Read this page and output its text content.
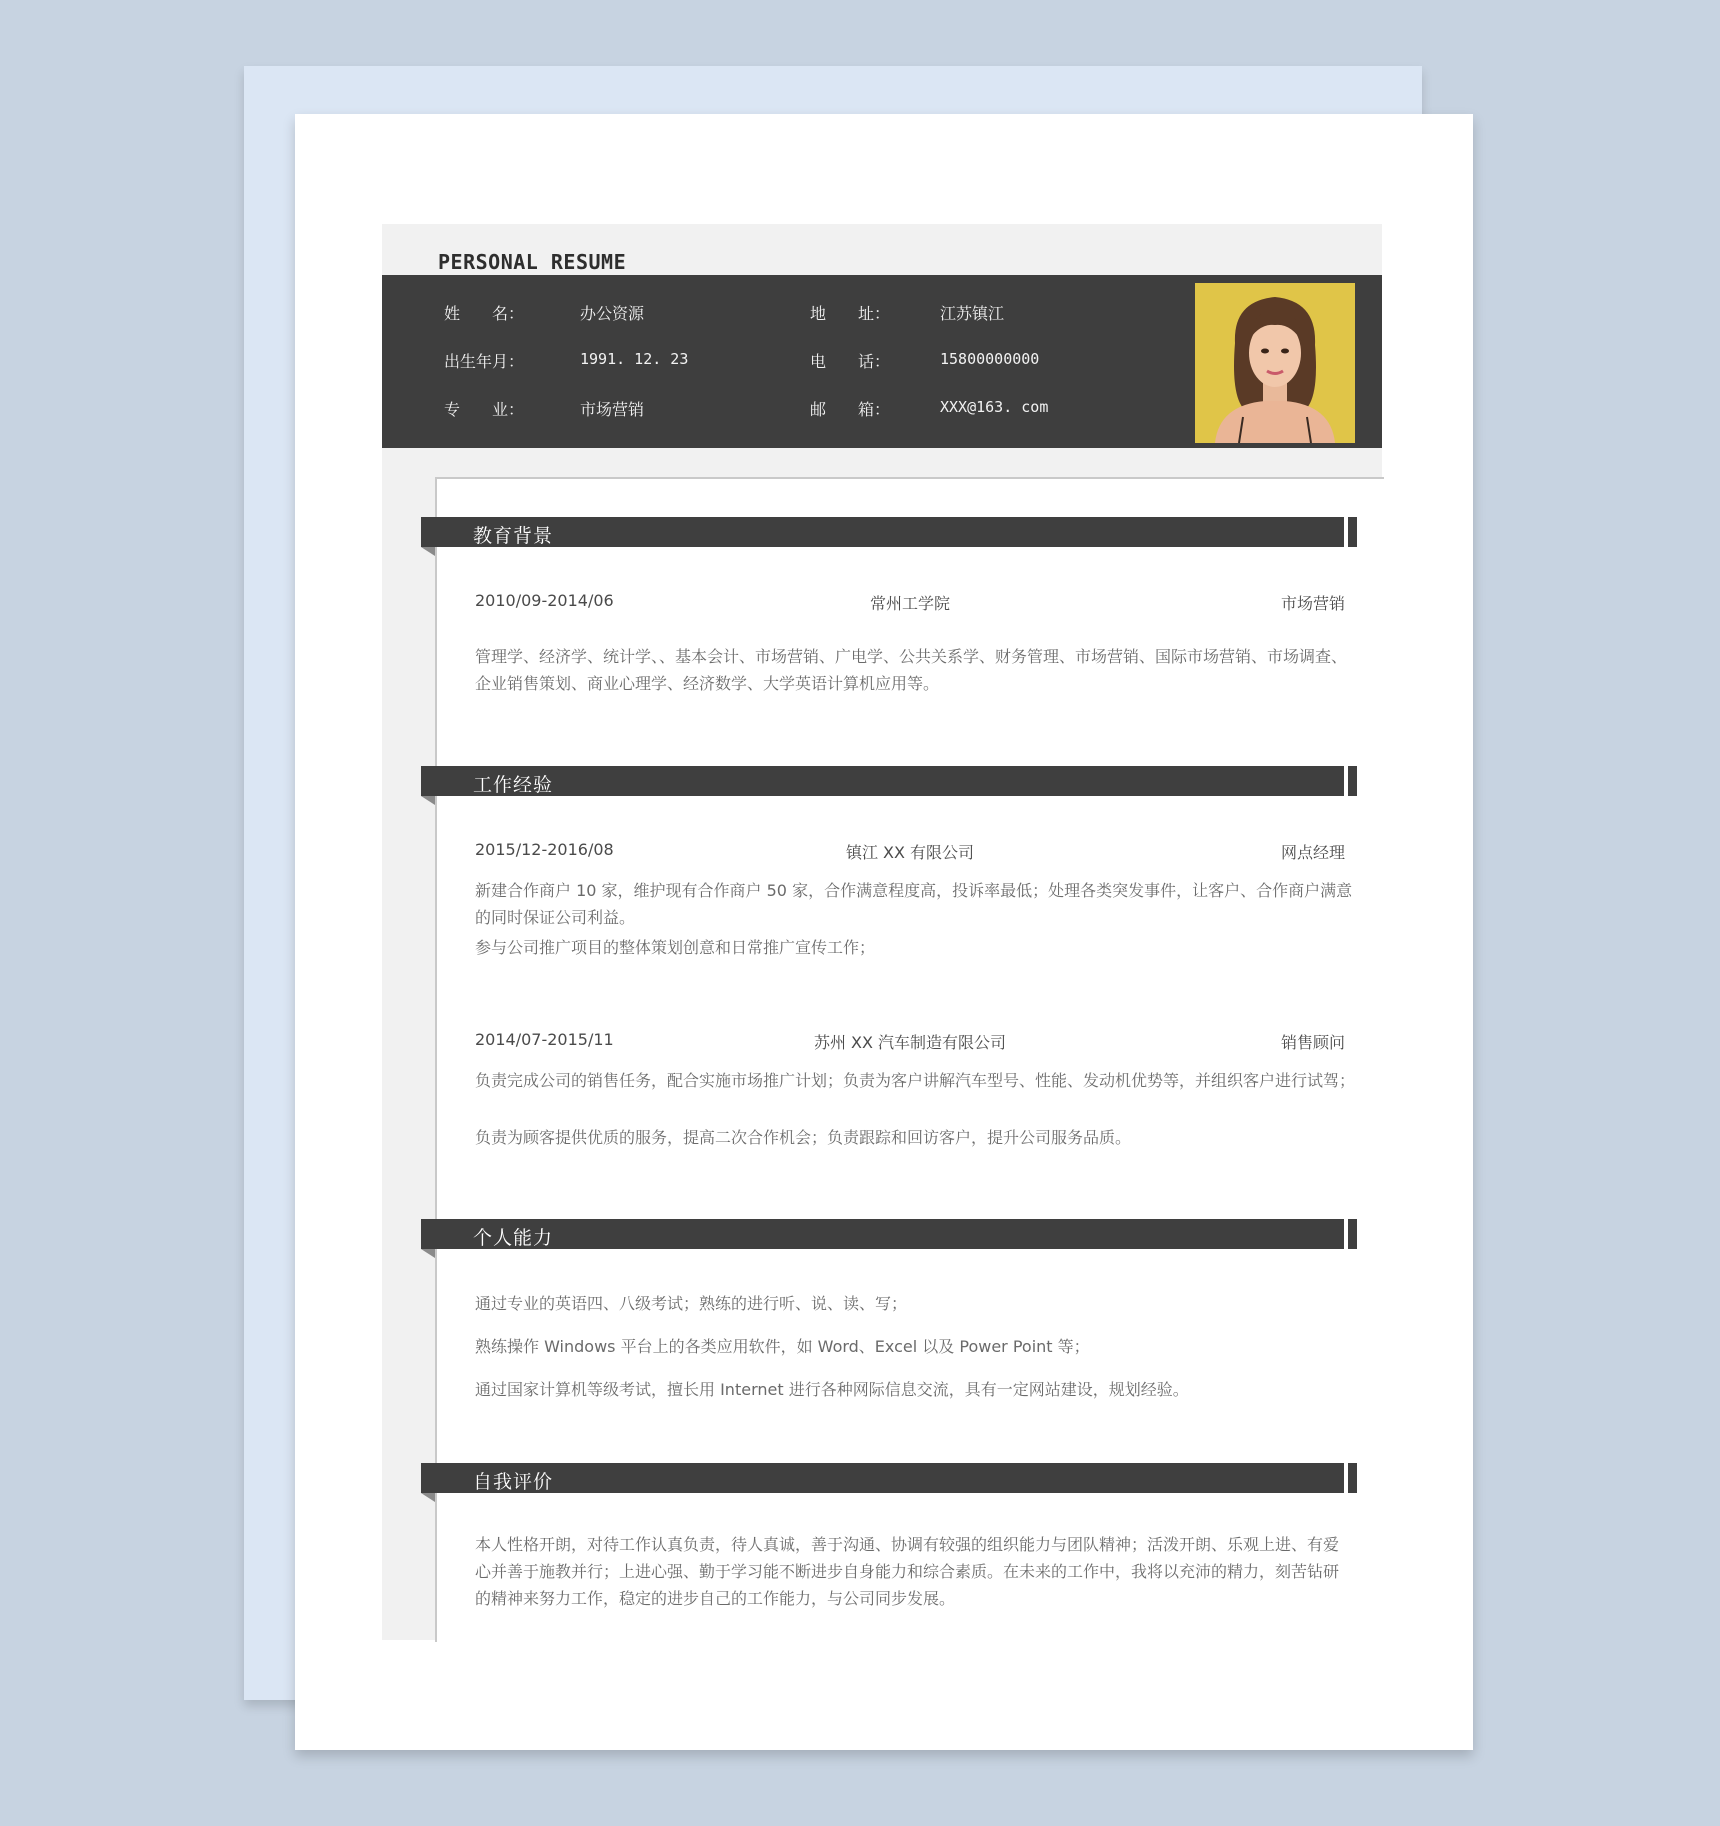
PERSONAL RESUME
姓　　名：	办公资源
出生年月：	1991. 12. 23
专　　业：	市场营销
地　　址：	江苏镇江
电　　话：	15800000000
邮　　箱：	XXX@163. com
教育背景
2010/09-2014/06	常州工学院	市场营销
管理学、经济学、统计学、、基本会计、市场营销、广电学、公共关系学、财务管理、市场营销、国际市场营销、市场调查、企业销售策划、商业心理学、经济数学、大学英语计算机应用等。
工作经验
2015/12-2016/08	镇江 XX 有限公司	网点经理
新建合作商户 10 家，维护现有合作商户 50 家，合作满意程度高，投诉率最低；处理各类突发事件，让客户、合作商户满意的同时保证公司利益。
参与公司推广项目的整体策划创意和日常推广宣传工作；
2014/07-2015/11	苏州 XX 汽车制造有限公司	销售顾问
负责完成公司的销售任务，配合实施市场推广计划；负责为客户讲解汽车型号、性能、发动机优势等，并组织客户进行试驾；
负责为顾客提供优质的服务，提高二次合作机会；负责跟踪和回访客户，提升公司服务品质。
个人能力
通过专业的英语四、八级考试；熟练的进行听、说、读、写；
熟练操作 Windows 平台上的各类应用软件，如 Word、Excel 以及 Power Point 等；
通过国家计算机等级考试，擅长用 Internet 进行各种网际信息交流，具有一定网站建设，规划经验。
自我评价
本人性格开朗，对待工作认真负责，待人真诚，善于沟通、协调有较强的组织能力与团队精神；活泼开朗、乐观上进、有爱心并善于施教并行；上进心强、勤于学习能不断进步自身能力和综合素质。在未来的工作中，我将以充沛的精力，刻苦钻研的精神来努力工作，稳定的进步自己的工作能力，与公司同步发展。
